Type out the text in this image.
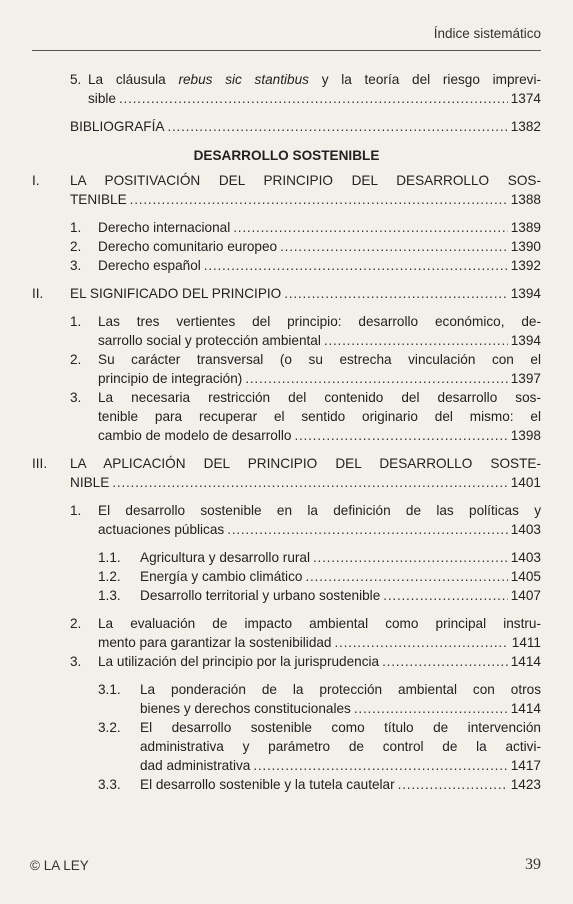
Índice sistemático
5. La cláusula rebus sic stantibus y la teoría del riesgo imprevi-
sible . . .	1374
BIBLIOGRAFÍA . . .	1382
DESARROLLO SOSTENIBLE
I. LA POSITIVACIÓN DEL PRINCIPIO DEL DESARROLLO SOS-
TENIBLE . . .	1388
1. Derecho internacional . . .	1389
2. Derecho comunitario europeo . . .	1390
3. Derecho español . . .	1392
II. EL SIGNIFICADO DEL PRINCIPIO . . .	1394
1. Las tres vertientes del principio: desarrollo económico, de-
sarrollo social y protección ambiental . . .	1394
2. Su carácter transversal (o su estrecha vinculación con el
principio de integración) . . .	1397
3. La necesaria restricción del contenido del desarrollo sos-
tenible para recuperar el sentido originario del mismo: el
cambio de modelo de desarrollo . . .	1398
III. LA APLICACIÓN DEL PRINCIPIO DEL DESARROLLO SOSTE-
NIBLE . . .	1401
1. El desarrollo sostenible en la definición de las políticas y
actuaciones públicas . . .	1403
1.1. Agricultura y desarrollo rural . . .	1403
1.2. Energía y cambio climático . . .	1405
1.3. Desarrollo territorial y urbano sostenible . . .	1407
2. La evaluación de impacto ambiental como principal instru-
mento para garantizar la sostenibilidad . . .	1411
3. La utilización del principio por la jurisprudencia . . .	1414
3.1. La ponderación de la protección ambiental con otros
bienes y derechos constitucionales . . .	1414
3.2. El desarrollo sostenible como título de intervención
administrativa y parámetro de control de la activi-
dad administrativa . . .	1417
3.3. El desarrollo sostenible y la tutela cautelar . . .	1423
© LA LEY	39
